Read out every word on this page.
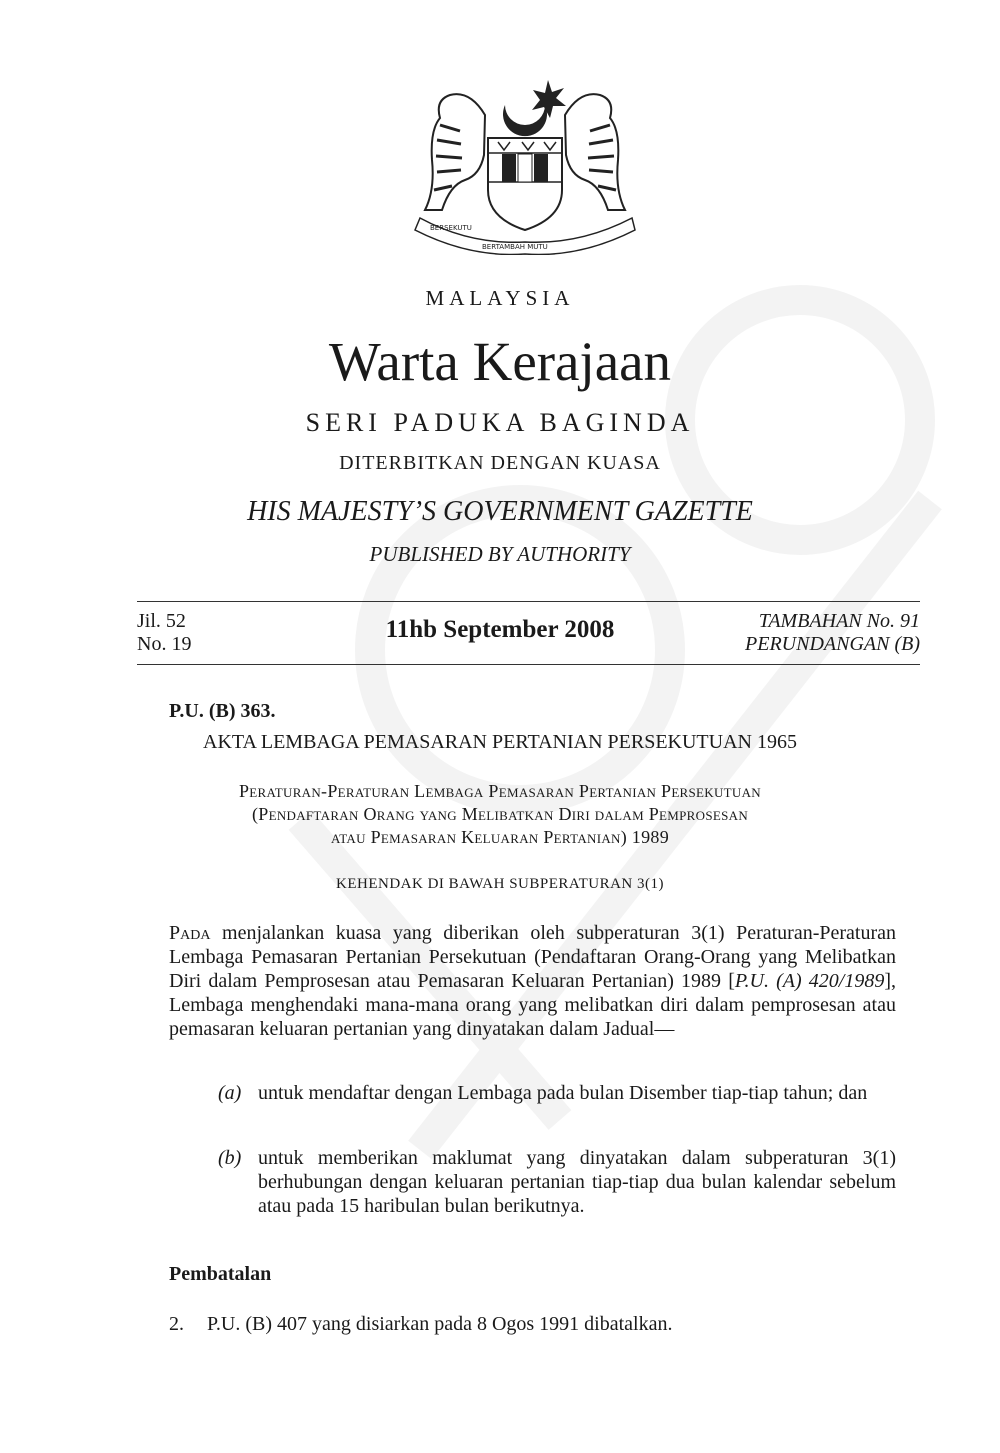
BERSEKUTU
BERTAMBAH MUTU
MALAYSIA
Warta Kerajaan
SERI PADUKA BAGINDA
DITERBITKAN DENGAN KUASA
HIS MAJESTY’S GOVERNMENT GAZETTE
PUBLISHED BY AUTHORITY
Jil. 52
No. 19
11hb September 2008	TAMBAHAN No. 91
PERUNDANGAN (B)
P.U. (B) 363.
AKTA LEMBAGA PEMASARAN PERTANIAN PERSEKUTUAN 1965
Peraturan-Peraturan Lembaga Pemasaran Pertanian Persekutuan
(Pendaftaran Orang yang Melibatkan Diri dalam Pemprosesan
atau Pemasaran Keluaran Pertanian) 1989
KEHENDAK DI BAWAH SUBPERATURAN 3(1)
Pada menjalankan kuasa yang diberikan oleh subperaturan 3(1) Peraturan-Peraturan Lembaga Pemasaran Pertanian Persekutuan (Pendaftaran Orang-Orang yang Melibatkan Diri dalam Pemprosesan atau Pemasaran Keluaran Pertanian) 1989 [P.U. (A) 420/1989], Lembaga menghendaki mana-mana orang yang melibatkan diri dalam pemprosesan atau pemasaran keluaran pertanian yang dinyatakan dalam Jadual—
(a) untuk mendaftar dengan Lembaga pada bulan Disember tiap-tiap tahun; dan
(b) untuk memberikan maklumat yang dinyatakan dalam subperaturan 3(1) berhubungan dengan keluaran pertanian tiap-tiap dua bulan kalendar sebelum atau pada 15 haribulan bulan berikutnya.
Pembatalan
2. P.U. (B) 407 yang disiarkan pada 8 Ogos 1991 dibatalkan.
